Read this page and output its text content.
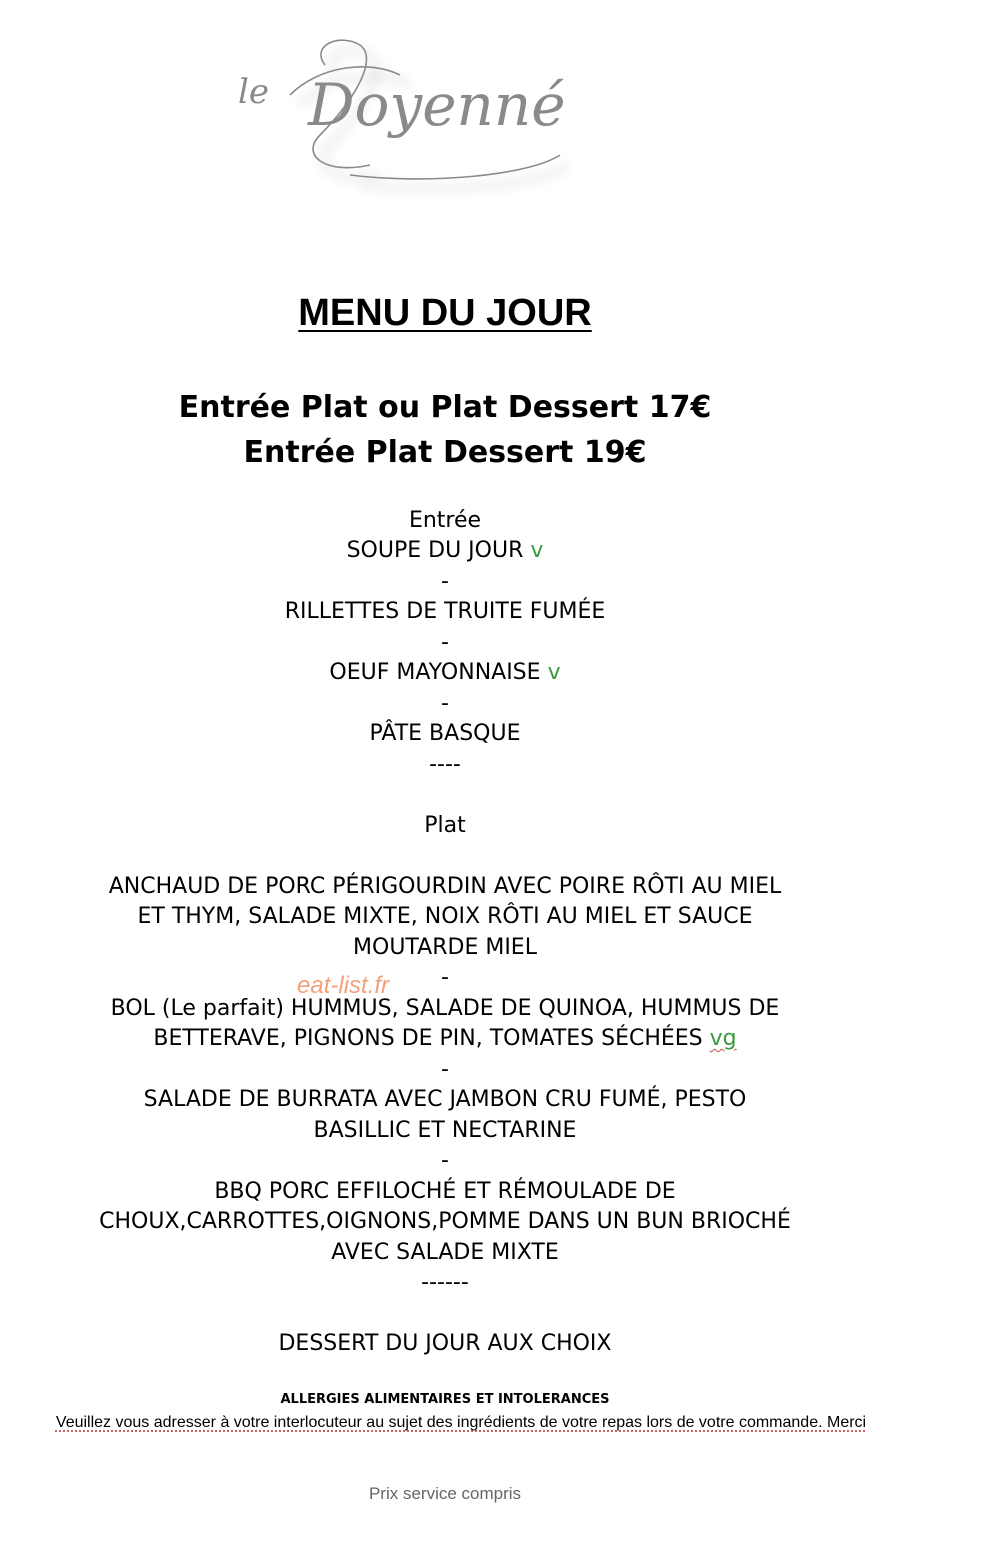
le Doyenné
MENU DU JOUR
Entrée Plat ou Plat Dessert 17€
Entrée Plat Dessert 19€
Entrée
SOUPE DU JOUR v
-
RILLETTES DE TRUITE FUMÉE
-
OEUF MAYONNAISE v
-
PÂTE BASQUE
----
Plat
ANCHAUD DE PORC PÉRIGOURDIN AVEC POIRE RÔTI AU MIEL
ET THYM, SALADE MIXTE, NOIX RÔTI AU MIEL ET SAUCE
MOUTARDE MIEL
-
BOL (Le parfait) HUMMUS, SALADE DE QUINOA, HUMMUS DE
BETTERAVE, PIGNONS DE PIN, TOMATES SÉCHÉES vg
-
SALADE DE BURRATA AVEC JAMBON CRU FUMÉ, PESTO
BASILLIC ET NECTARINE
-
BBQ PORC EFFILOCHÉ ET RÉMOULADE DE
CHOUX,CARROTTES,OIGNONS,POMME DANS UN BUN BRIOCHÉ
AVEC SALADE MIXTE
------
DESSERT DU JOUR AUX CHOIX
eat-list.fr
ALLERGIES ALIMENTAIRES ET INTOLERANCES
Veuillez vous adresser à votre interlocuteur au sujet des ingrédients de votre repas lors de votre commande. Merci
Prix service compris
